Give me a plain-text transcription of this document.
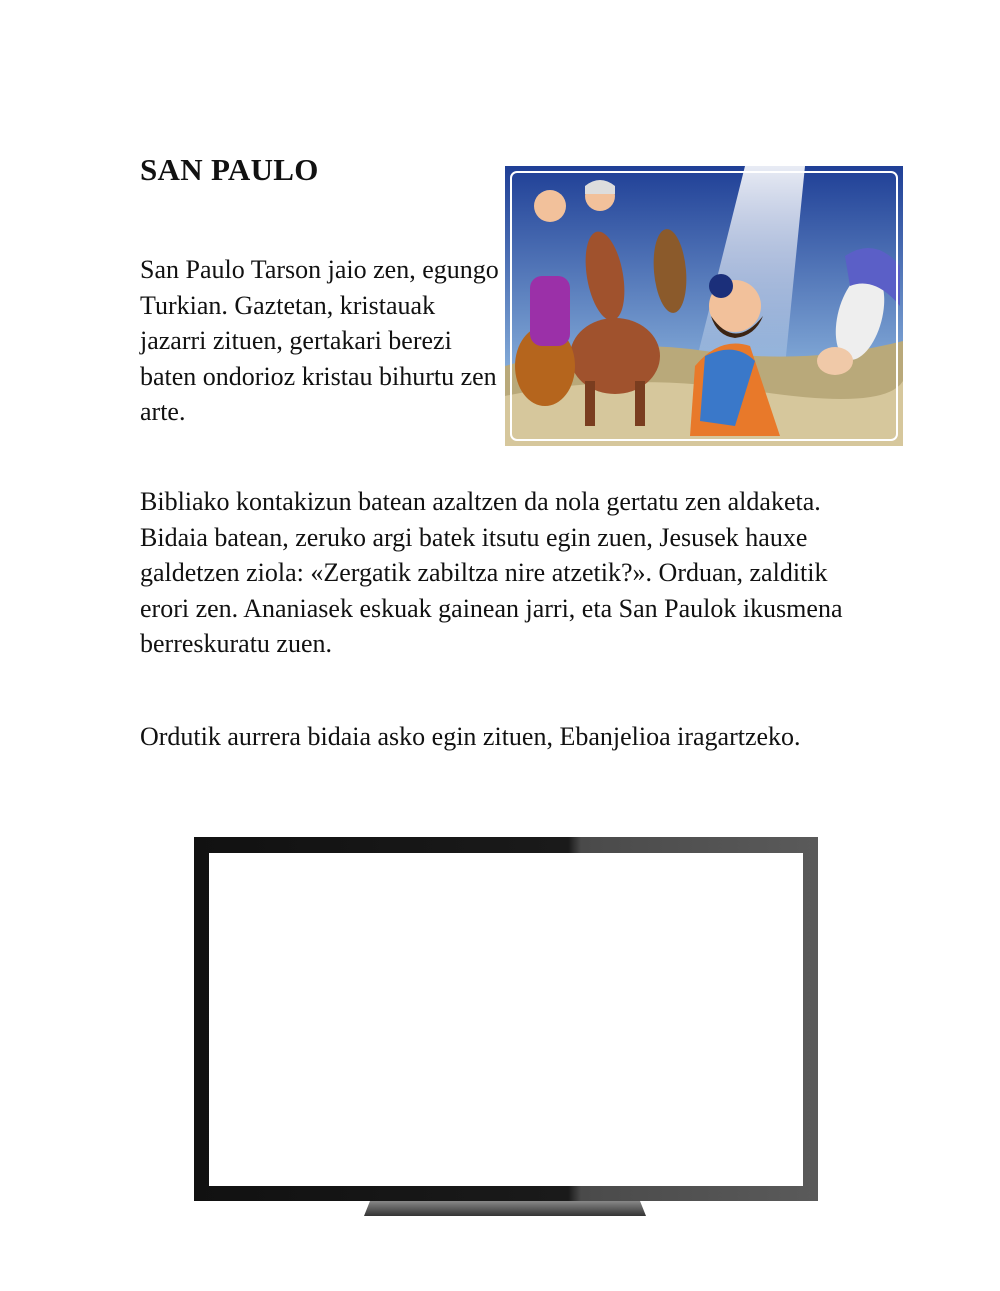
SAN PAULO

San Paulo Tarson jaio zen, egungo Turkian. Gaztetan, kristauak jazarri zituen, gertakari berezi baten ondorioz kristau bihurtu zen arte.

Bibliako kontakizun batean azaltzen da nola gertatu zen aldaketa. Bidaia batean, zeruko argi batek itsutu egin zuen, Jesusek hauxe galdetzen ziola: «Zergatik zabiltza nire atzetik?». Orduan, zalditik erori zen. Ananiasek eskuak gainean jarri, eta San Paulok ikusmena berreskuratu zuen.

Ordutik aurrera bidaia asko egin zituen, Ebanjelioa iragartzeko.
